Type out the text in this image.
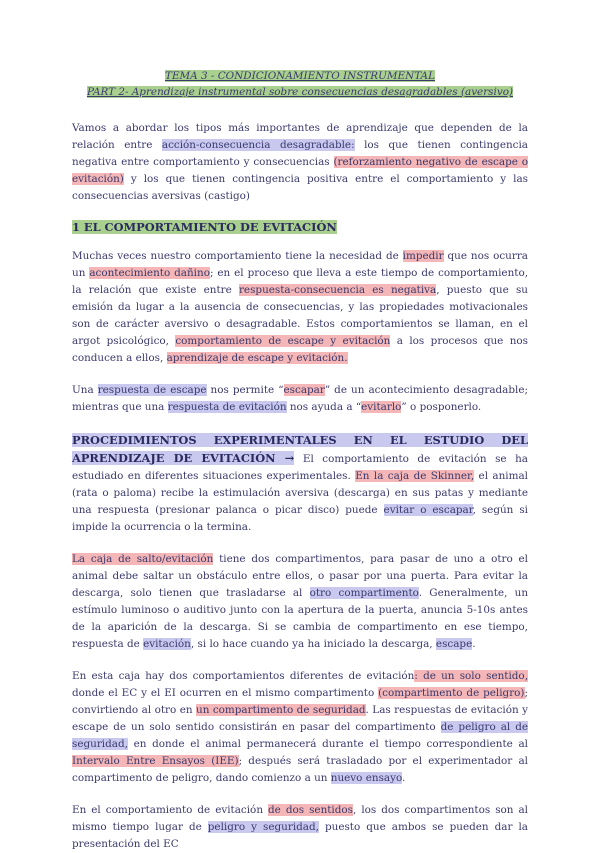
TEMA 3 - CONDICIONAMIENTO INSTRUMENTAL
PART 2- Aprendizaje instrumental sobre consecuencias desagradables (aversivo)

Vamos a abordar los tipos más importantes de aprendizaje que dependen de la relación entre acción-consecuencia desagradable: los que tienen contingencia negativa entre comportamiento y consecuencias (reforzamiento negativo de escape o evitación) y los que tienen contingencia positiva entre el comportamiento y las consecuencias aversivas (castigo)

1 EL COMPORTAMIENTO DE EVITACIÓN

Muchas veces nuestro comportamiento tiene la necesidad de impedir que nos ocurra un acontecimiento dañino; en el proceso que lleva a este tiempo de comportamiento, la relación que existe entre respuesta-consecuencia es negativa, puesto que su emisión da lugar a la ausencia de consecuencias, y las propiedades motivacionales son de carácter aversivo o desagradable. Estos comportamientos se llaman, en el argot psicológico, comportamiento de escape y evitación a los procesos que nos conducen a ellos, aprendizaje de escape y evitación.

Una respuesta de escape nos permite “escapar” de un acontecimiento desagradable; mientras que una respuesta de evitación nos ayuda a “evitarlo” o posponerlo.

PROCEDIMIENTOS EXPERIMENTALES EN EL ESTUDIO DEL APRENDIZAJE DE EVITACIÓN → El comportamiento de evitación se ha estudiado en diferentes situaciones experimentales. En la caja de Skinner, el animal (rata o paloma) recibe la estimulación aversiva (descarga) en sus patas y mediante una respuesta (presionar palanca o picar disco) puede evitar o escapar, según si impide la ocurrencia o la termina.

La caja de salto/evitación tiene dos compartimentos, para pasar de uno a otro el animal debe saltar un obstáculo entre ellos, o pasar por una puerta. Para evitar la descarga, solo tienen que trasladarse al otro compartimento. Generalmente, un estímulo luminoso o auditivo junto con la apertura de la puerta, anuncia 5-10s antes de la aparición de la descarga. Si se cambia de compartimento en ese tiempo, respuesta de evitación, si lo hace cuando ya ha iniciado la descarga, escape.

En esta caja hay dos comportamientos diferentes de evitación: de un solo sentido, donde el EC y el EI ocurren en el mismo compartimento (compartimento de peligro); convirtiendo al otro en un compartimento de seguridad. Las respuestas de evitación y escape de un solo sentido consistirán en pasar del compartimento de peligro al de seguridad, en donde el animal permanecerá durante el tiempo correspondiente al Intervalo Entre Ensayos (IEE); después será trasladado por el experimentador al compartimento de peligro, dando comienzo a un nuevo ensayo.

En el comportamiento de evitación de dos sentidos, los dos compartimentos son al mismo tiempo lugar de peligro y seguridad, puesto que ambos se pueden dar la presentación del EC
